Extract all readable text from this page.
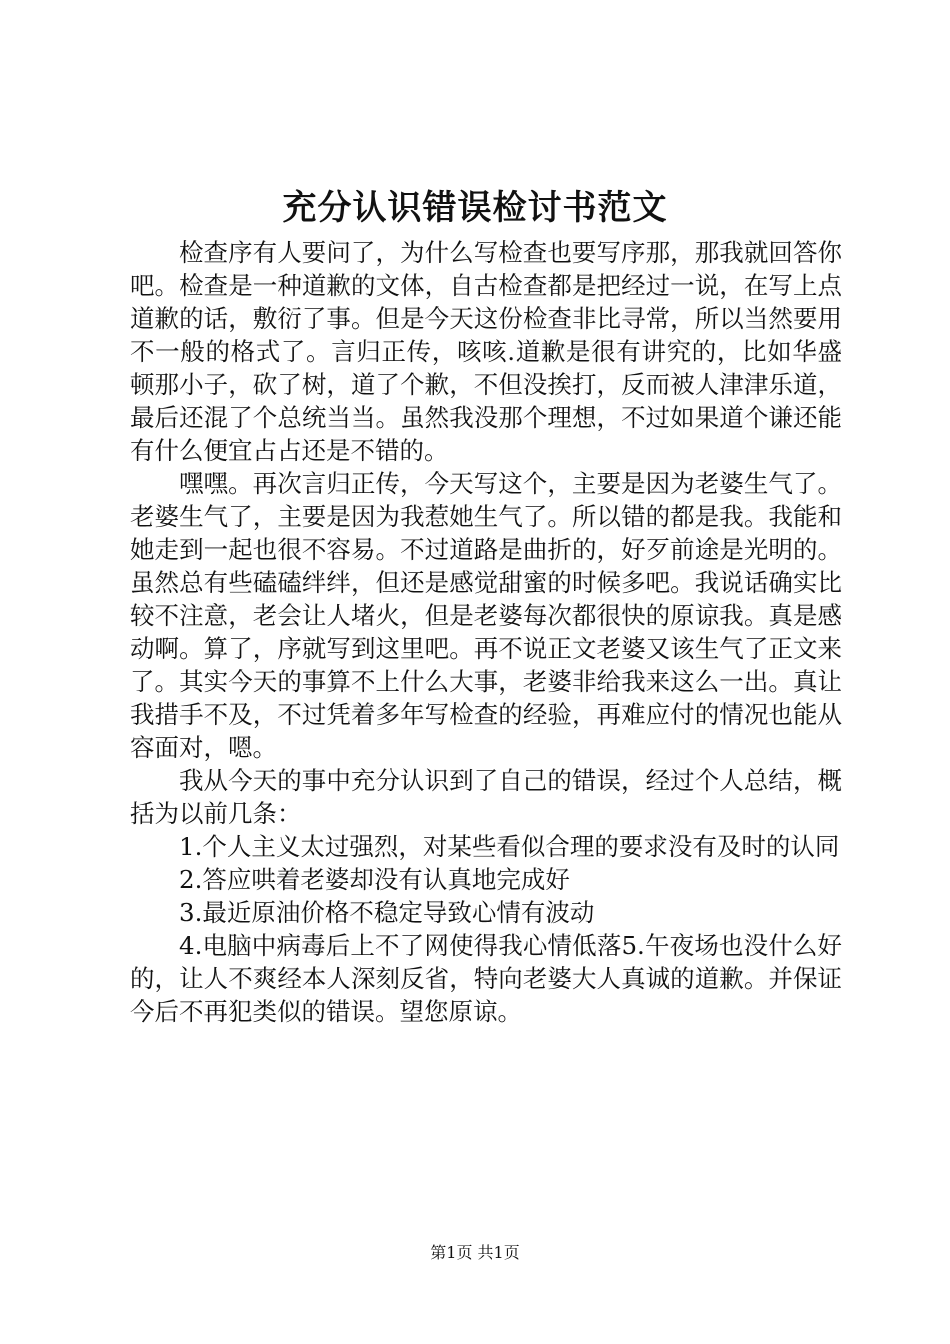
充分认识错误检讨书范文

检查序有人要问了，为什么写检查也要写序那，那我就回答你吧。检查是一种道歉的文体，自古检查都是把经过一说，在写上点道歉的话，敷衍了事。但是今天这份检查非比寻常，所以当然要用不一般的格式了。言归正传，咳咳.道歉是很有讲究的，比如华盛顿那小子，砍了树，道了个歉，不但没挨打，反而被人津津乐道，最后还混了个总统当当。虽然我没那个理想，不过如果道个谦还能有什么便宜占占还是不错的。

嘿嘿。再次言归正传，今天写这个，主要是因为老婆生气了。老婆生气了，主要是因为我惹她生气了。所以错的都是我。我能和她走到一起也很不容易。不过道路是曲折的，好歹前途是光明的。虽然总有些磕磕绊绊，但还是感觉甜蜜的时候多吧。我说话确实比较不注意，老会让人堵火，但是老婆每次都很快的原谅我。真是感动啊。算了，序就写到这里吧。再不说正文老婆又该生气了正文来了。其实今天的事算不上什么大事，老婆非给我来这么一出。真让我措手不及，不过凭着多年写检查的经验，再难应付的情况也能从容面对，嗯。

我从今天的事中充分认识到了自己的错误，经过个人总结，概括为以前几条：

1.个人主义太过强烈，对某些看似合理的要求没有及时的认同

2.答应哄着老婆却没有认真地完成好

3.最近原油价格不稳定导致心情有波动

4.电脑中病毒后上不了网使得我心情低落5.午夜场也没什么好的，让人不爽经本人深刻反省，特向老婆大人真诚的道歉。并保证今后不再犯类似的错误。望您原谅。

第1页 共1页
